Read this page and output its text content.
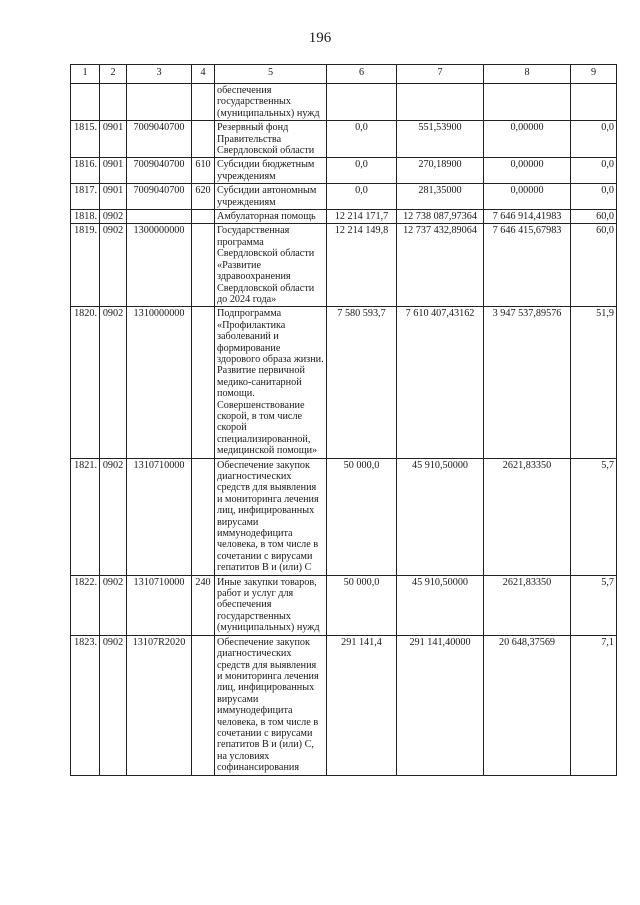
196
1	2	3	4	5	6	7	8	9
				обеспечения государственных (муниципальных) нужд				
1815.	0901	7009040700		Резервный фонд Правительства Свердловской области	0,0	551,53900	0,00000	0,0
1816.	0901	7009040700	610	Субсидии бюджетным учреждениям	0,0	270,18900	0,00000	0,0
1817.	0901	7009040700	620	Субсидии автономным учреждениям	0,0	281,35000	0,00000	0,0
1818.	0902			Амбулаторная помощь	12 214 171,7	12 738 087,97364	7 646 914,41983	60,0
1819.	0902	1300000000		Государственная программа Свердловской области «Развитие здравоохранения Свердловской области до 2024 года»	12 214 149,8	12 737 432,89064	7 646 415,67983	60,0
1820.	0902	1310000000		Подпрограмма «Профилактика заболеваний и формирование здорового образа жизни. Развитие первичной медико-санитарной помощи. Совершенствование скорой, в том числе скорой специализированной, медицинской помощи»	7 580 593,7	7 610 407,43162	3 947 537,89576	51,9
1821.	0902	1310710000		Обеспечение закупок диагностических средств для выявления и мониторинга лечения лиц, инфицированных вирусами иммунодефицита человека, в том числе в сочетании с вирусами гепатитов В и (или) С	50 000,0	45 910,50000	2621,83350	5,7
1822.	0902	1310710000	240	Иные закупки товаров, работ и услуг для обеспечения государственных (муниципальных) нужд	50 000,0	45 910,50000	2621,83350	5,7
1823.	0902	13107R2020		Обеспечение закупок диагностических средств для выявления и мониторинга лечения лиц, инфицированных вирусами иммунодефицита человека, в том числе в сочетании с вирусами гепатитов В и (или) С, на условиях софинансирования	291 141,4	291 141,40000	20 648,37569	7,1
